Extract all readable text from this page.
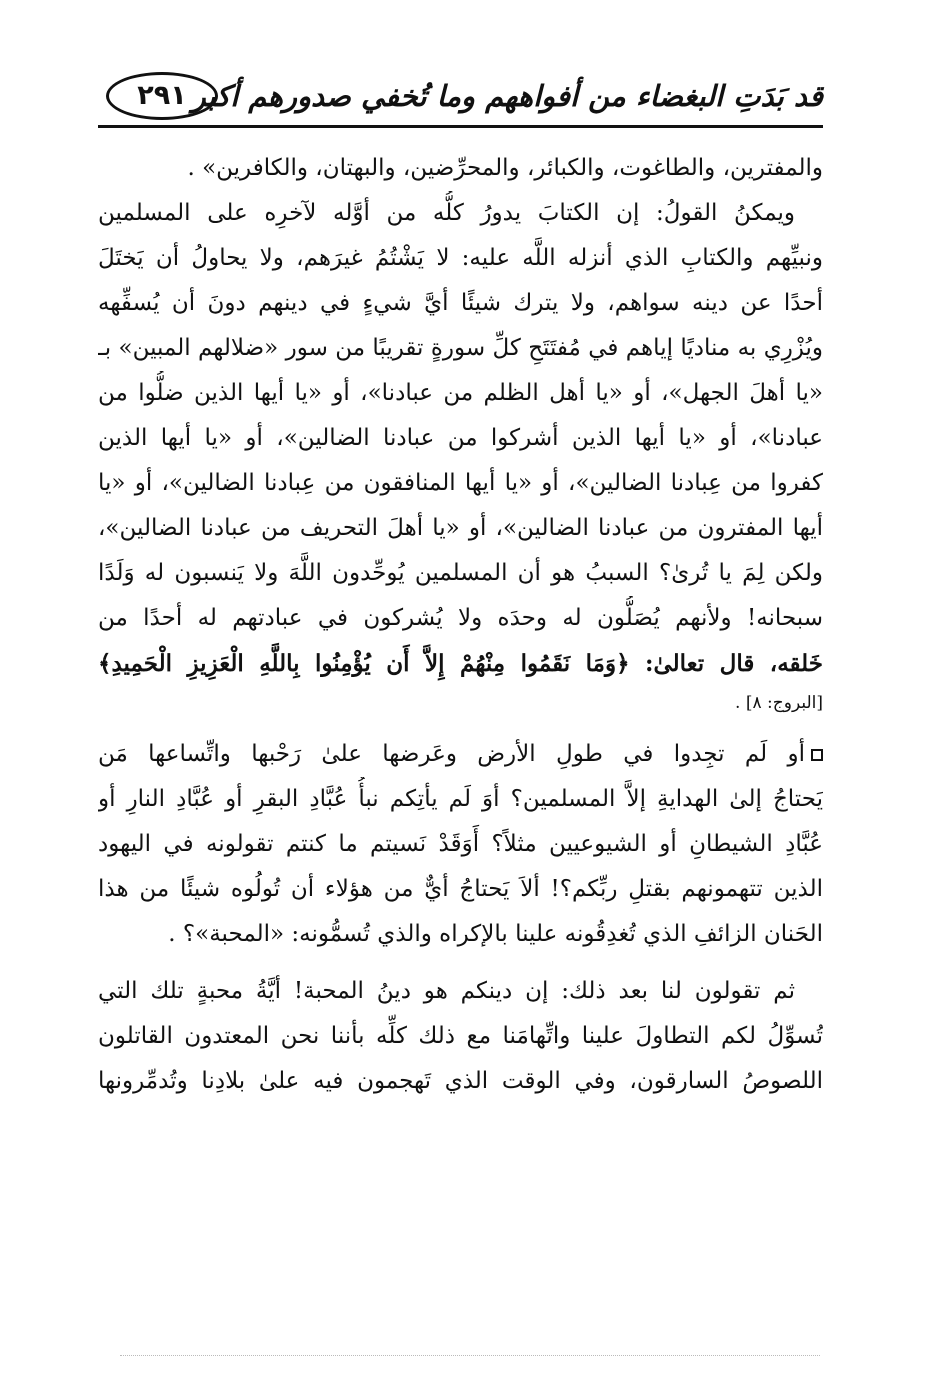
قد بَدَتِ البغضاء من أفواههم وما تُخفي صدورهم أكبر
٢٩١
والمفترين، والطاغوت، والكبائر، والمحرِّضين، والبهتان، والكافرين» .
ويمكنُ القولُ: إن الكتابَ يدورُ كلُّه من أوَّله لآخرِه على المسلمين
ونبيِّهم والكتابِ الذي أنزله اللَّه عليه: لا يَشْتُمُ غيرَهم، ولا يحاولُ أن يَختَلَ
أحدًا عن دينه سواهم، ولا يترك شيئًا أيَّ شيءٍ في دينهم دونَ أن يُسفِّهه
ويُزْرِي به مناديًا إياهم في مُفتَتَحِ كلِّ سورةٍ تقريبًا من سور «ضلالهم المبين» بـ
«يا أهلَ الجهل»، أو «يا أهل الظلم من عبادنا»، أو «يا أيها الذين ضلُّوا من
عبادنا»، أو «يا أيها الذين أشركوا من عبادنا الضالين»، أو «يا أيها الذين
كفروا من عِبادنا الضالين»، أو «يا أيها المنافقون من عِبادنا الضالين»، أو «يا
أيها المفترون من عبادنا الضالين»، أو «يا أهلَ التحريف من عبادنا الضالين»،
ولكن لِمَ يا تُرىٰ؟ السببُ هو أن المسلمين يُوحِّدون اللَّهَ ولا يَنسبون له وَلَدًا
سبحانه! ولأنهم يُصَلُّون له وحدَه ولا يُشركون في عبادتهم له أحدًا من
خَلقه، قال تعالىٰ: ﴿وَمَا نَقَمُوا مِنْهُمْ إِلاَّ أَن يُؤْمِنُوا بِاللَّهِ الْعَزِيزِ الْحَمِيدِ﴾
[البروج: ٨] .
أو لَم تجِدوا في طولِ الأرض وعَرضها علىٰ رَحْبها واتِّساعها مَن
يَحتاجُ إلىٰ الهدايةِ إلاَّ المسلمين؟ أوَ لَم يأتِكم نبأُ عُبَّادِ البقرِ أو عُبَّادِ النارِ أو
عُبَّادِ الشيطانِ أو الشيوعيين مثلاً؟ أَوَقَدْ نَسيتم ما كنتم تقولونه في اليهود
الذين تتهمونهم بقتلِ ربِّكم؟! ألاَ يَحتاجُ أيٌّ من هؤلاء أن تُولُوه شيئًا من هذا
الحَنان الزائفِ الذي تُغدِقُونه علينا بالإكراه والذي تُسمُّونه: «المحبة»؟ .
ثم تقولون لنا بعد ذلك: إن دينكم هو دينُ المحبة! أيَّةُ محبةٍ تلك التي
تُسوِّلُ لكم التطاولَ علينا واتِّهامَنا مع ذلك كلِّه بأننا نحن المعتدون القاتلون
اللصوصُ السارقون، وفي الوقت الذي تَهجمون فيه علىٰ بلادِنا وتُدمِّرونها
